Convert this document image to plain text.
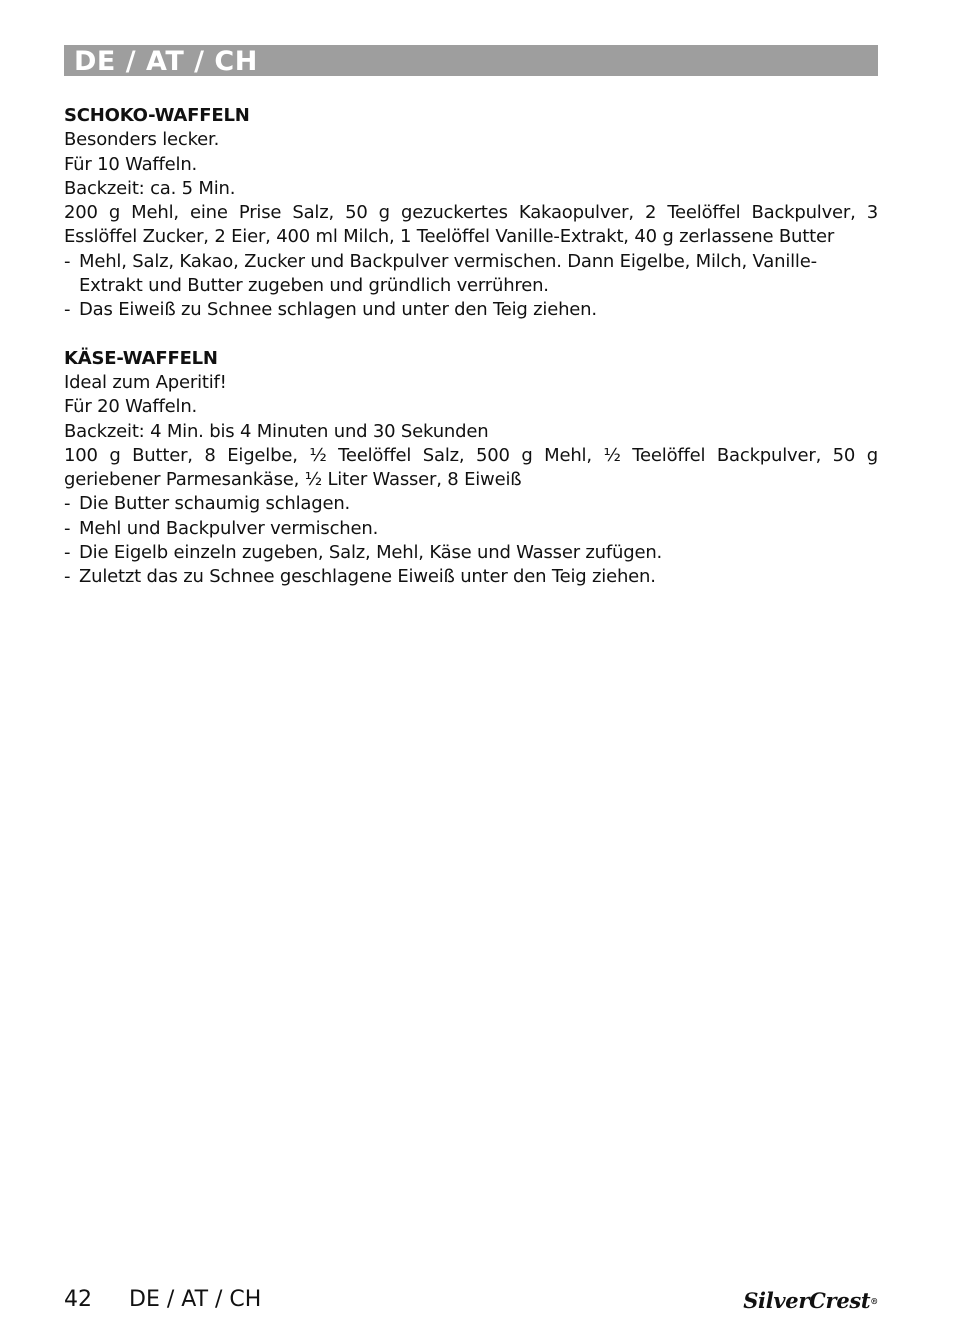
DE / AT / CH

SCHOKO-WAFFELN

Besonders lecker.

Für 10 Waffeln.

Backzeit: ca. 5 Min.

200 g Mehl, eine Prise Salz, 50 g gezuckertes Kakaopulver, 2 Teelöffel Backpulver, 3 Esslöffel Zucker, 2 Eier, 400 ml Milch, 1 Teelöffel Vanille-Extrakt, 40 g zerlassene Butter

- Mehl, Salz, Kakao, Zucker und Backpulver vermischen. Dann Eigelbe, Milch, Vanille-Extrakt und Butter zugeben und gründlich verrühren.
- Das Eiweiß zu Schnee schlagen und unter den Teig ziehen.

KÄSE-WAFFELN

Ideal zum Aperitif!

Für 20 Waffeln.

Backzeit: 4 Min. bis 4 Minuten und 30 Sekunden

100 g Butter, 8 Eigelbe, ½ Teelöffel Salz, 500 g Mehl, ½ Teelöffel Backpulver, 50 g geriebener Parmesankäse, ½ Liter Wasser, 8 Eiweiß

- Die Butter schaumig schlagen.
- Mehl und Backpulver vermischen.
- Die Eigelb einzeln zugeben, Salz, Mehl, Käse und Wasser zufügen.
- Zuletzt das zu Schnee geschlagene Eiweiß unter den Teig ziehen.
42 DE / AT / CH	SilverCrest®
